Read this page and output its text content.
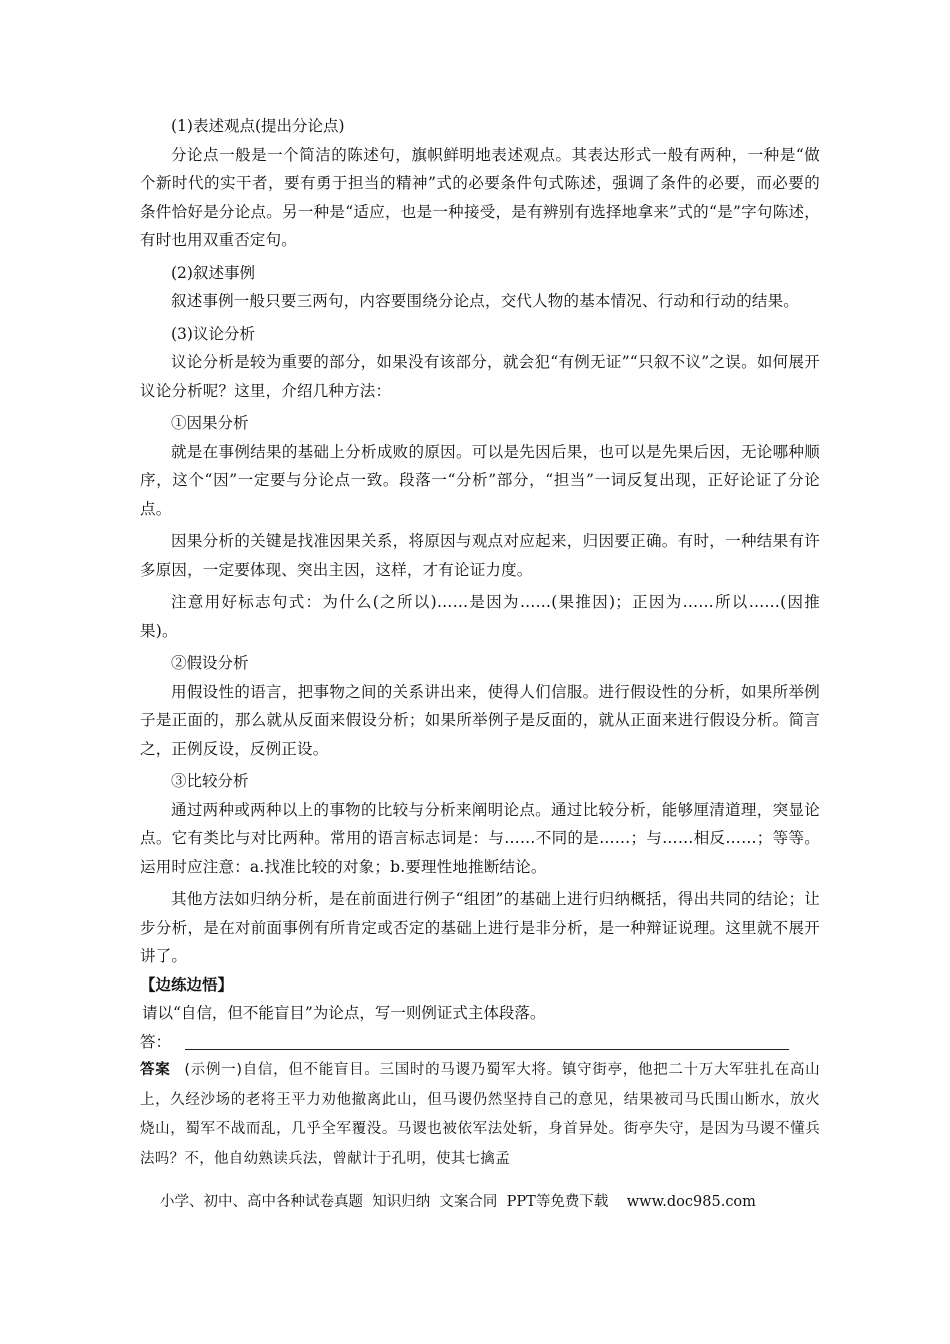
(1)表述观点(提出分论点)

分论点一般是一个简洁的陈述句，旗帜鲜明地表述观点。其表达形式一般有两种，一种是“做个新时代的实干者，要有勇于担当的精神”式的必要条件句式陈述，强调了条件的必要，而必要的条件恰好是分论点。另一种是“适应，也是一种接受，是有辨别有选择地拿来”式的“是”字句陈述，有时也用双重否定句。

(2)叙述事例

叙述事例一般只要三两句，内容要围绕分论点，交代人物的基本情况、行动和行动的结果。

(3)议论分析

议论分析是较为重要的部分，如果没有该部分，就会犯“有例无证”“只叙不议”之误。如何展开议论分析呢？这里，介绍几种方法：

①因果分析

就是在事例结果的基础上分析成败的原因。可以是先因后果，也可以是先果后因，无论哪种顺序，这个“因”一定要与分论点一致。段落一“分析”部分，“担当”一词反复出现，正好论证了分论点。

因果分析的关键是找准因果关系，将原因与观点对应起来，归因要正确。有时，一种结果有许多原因，一定要体现、突出主因，这样，才有论证力度。

注意用好标志句式：为什么(之所以)……是因为……(果推因)；正因为……所以……(因推果)。

②假设分析

用假设性的语言，把事物之间的关系讲出来，使得人们信服。进行假设性的分析，如果所举例子是正面的，那么就从反面来假设分析；如果所举例子是反面的，就从正面来进行假设分析。简言之，正例反设，反例正设。

③比较分析

通过两种或两种以上的事物的比较与分析来阐明论点。通过比较分析，能够厘清道理，突显论点。它有类比与对比两种。常用的语言标志词是：与……不同的是……；与……相反……；等等。运用时应注意：a.找准比较的对象；b.要理性地推断结论。

其他方法如归纳分析，是在前面进行例子“组团”的基础上进行归纳概括，得出共同的结论；让步分析，是在对前面事例有所肯定或否定的基础上进行是非分析，是一种辩证说理。这里就不展开讲了。

【边练边悟】

请以“自信，但不能盲目”为论点，写一则例证式主体段落。

答：

答案 (示例一)自信，但不能盲目。三国时的马谡乃蜀军大将。镇守街亭，他把二十万大军驻扎在高山上，久经沙场的老将王平力劝他撤离此山，但马谡仍然坚持自己的意见，结果被司马氏围山断水，放火烧山，蜀军不战而乱，几乎全军覆没。马谡也被依军法处斩，身首异处。街亭失守，是因为马谡不懂兵法吗？不，他自幼熟读兵法，曾献计于孔明，使其七擒孟

小学、初中、高中各种试卷真题  知识归纳  文案合同  PPT等免费下载    www.doc985.com
